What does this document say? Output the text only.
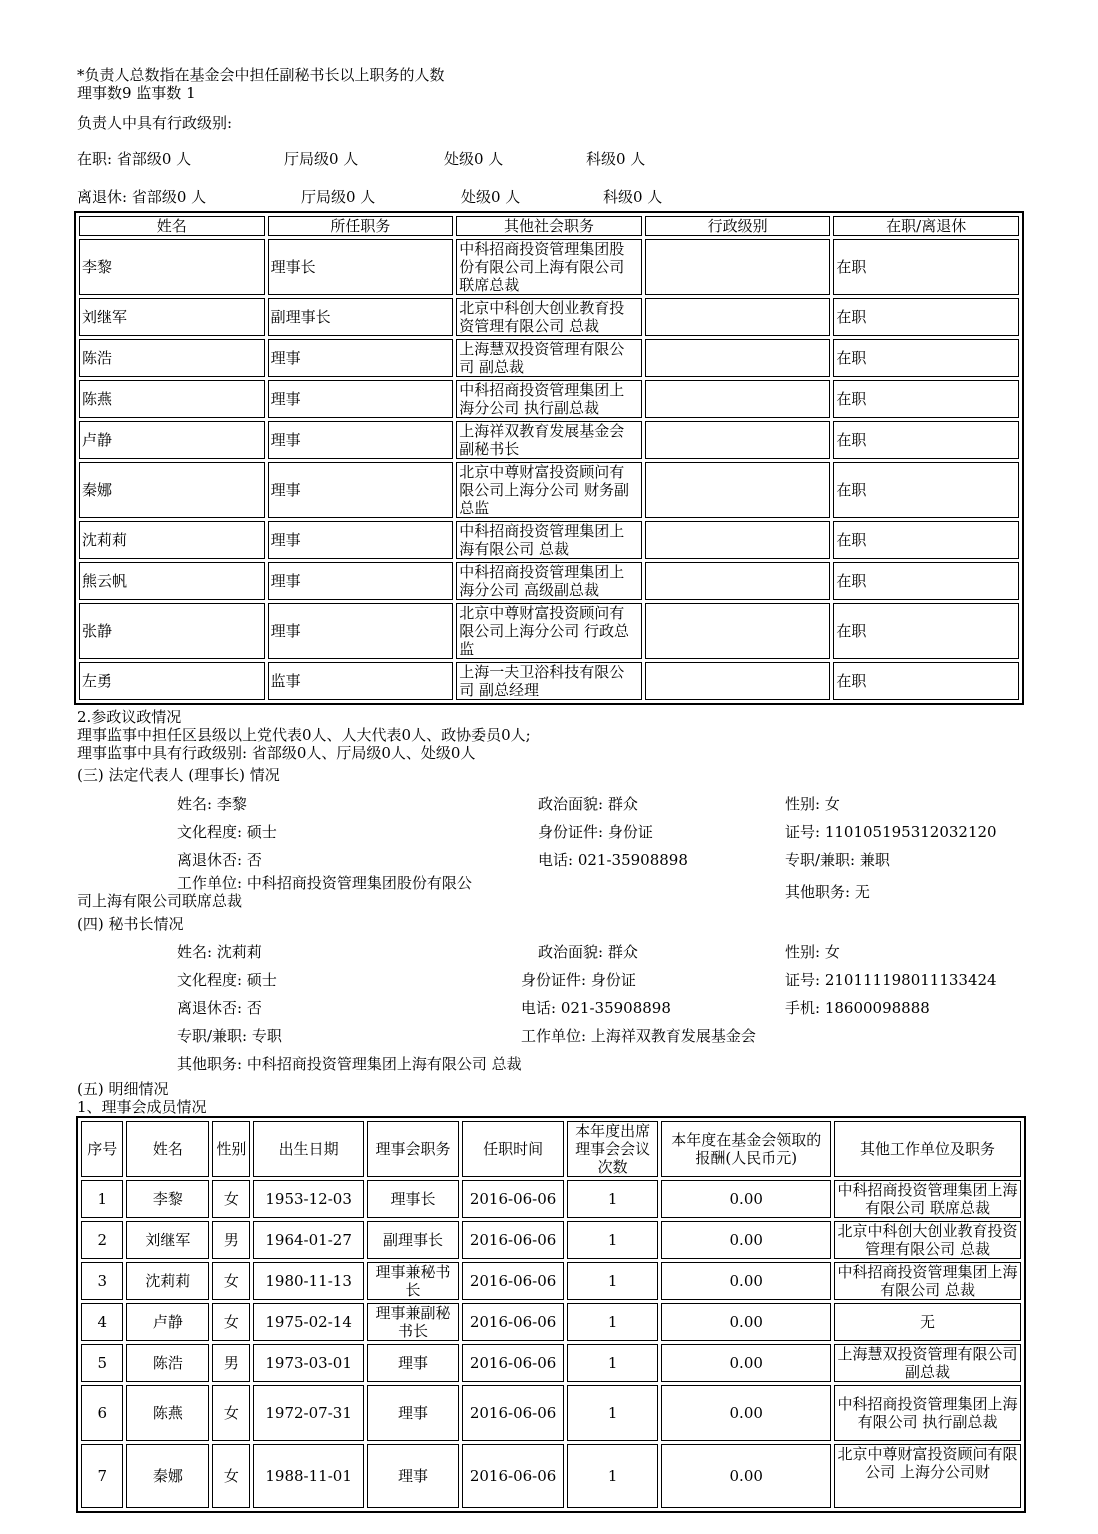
*负责人总数指在基金会中担任副秘书长以上职务的人数
理事数9 监事数 1
负责人中具有行政级别:
在职: 省部级0 人	厅局级0 人	处级0 人	科级0 人
离退休: 省部级0 人	厅局级0 人	处级0 人	科级0 人
姓名	所任职务	其他社会职务	行政级别	在职/离退休
李黎	理事长	中科招商投资管理集团股份有限公司上海有限公司联席总裁		在职
刘继军	副理事长	北京中科创大创业教育投资管理有限公司 总裁		在职
陈浩	理事	上海慧双投资管理有限公司 副总裁		在职
陈燕	理事	中科招商投资管理集团上海分公司 执行副总裁		在职
卢静	理事	上海祥双教育发展基金会副秘书长		在职
秦娜	理事	北京中尊财富投资顾问有限公司上海分公司 财务副总监		在职
沈莉莉	理事	中科招商投资管理集团上海有限公司 总裁		在职
熊云帆	理事	中科招商投资管理集团上海分公司 高级副总裁		在职
张静	理事	北京中尊财富投资顾问有限公司上海分公司 行政总监		在职
左勇	监事	上海一夫卫浴科技有限公司 副总经理		在职
2.参政议政情况
理事监事中担任区县级以上党代表0人、人大代表0人、政协委员0人;
理事监事中具有行政级别: 省部级0人、厅局级0人、处级0人
(三) 法定代表人 (理事长) 情况
姓名: 李黎	政治面貌: 群众	性别: 女
文化程度: 硕士	身份证件: 身份证	证号: 110105195312032120
离退休否: 否	电话: 021-35908898	专职/兼职: 兼职
工作单位: 中科招商投资管理集团股份有限公
司上海有限公司联席总裁	其他职务: 无
(四) 秘书长情况
姓名: 沈莉莉	政治面貌: 群众	性别: 女
文化程度: 硕士	身份证件: 身份证	证号: 210111198011133424
离退休否: 否	电话: 021-35908898	手机: 18600098888
专职/兼职: 专职	工作单位: 上海祥双教育发展基金会
其他职务: 中科招商投资管理集团上海有限公司 总裁
(五) 明细情况
1、理事会成员情况
序号	姓名	性别	出生日期	理事会职务	任职时间	本年度出席理事会会议次数	本年度在基金会领取的报酬(人民币元)	其他工作单位及职务
1	李黎	女	1953-12-03	理事长	2016-06-06	1	0.00	中科招商投资管理集团上海有限公司 联席总裁
2	刘继军	男	1964-01-27	副理事长	2016-06-06	1	0.00	北京中科创大创业教育投资管理有限公司 总裁
3	沈莉莉	女	1980-11-13	理事兼秘书长	2016-06-06	1	0.00	中科招商投资管理集团上海有限公司 总裁
4	卢静	女	1975-02-14	理事兼副秘书长	2016-06-06	1	0.00	无
5	陈浩	男	1973-03-01	理事	2016-06-06	1	0.00	上海慧双投资管理有限公司 副总裁
6	陈燕	女	1972-07-31	理事	2016-06-06	1	0.00	中科招商投资管理集团上海有限公司 执行副总裁
7	秦娜	女	1988-11-01	理事	2016-06-06	1	0.00	北京中尊财富投资顾问有限公司 上海分公司财
